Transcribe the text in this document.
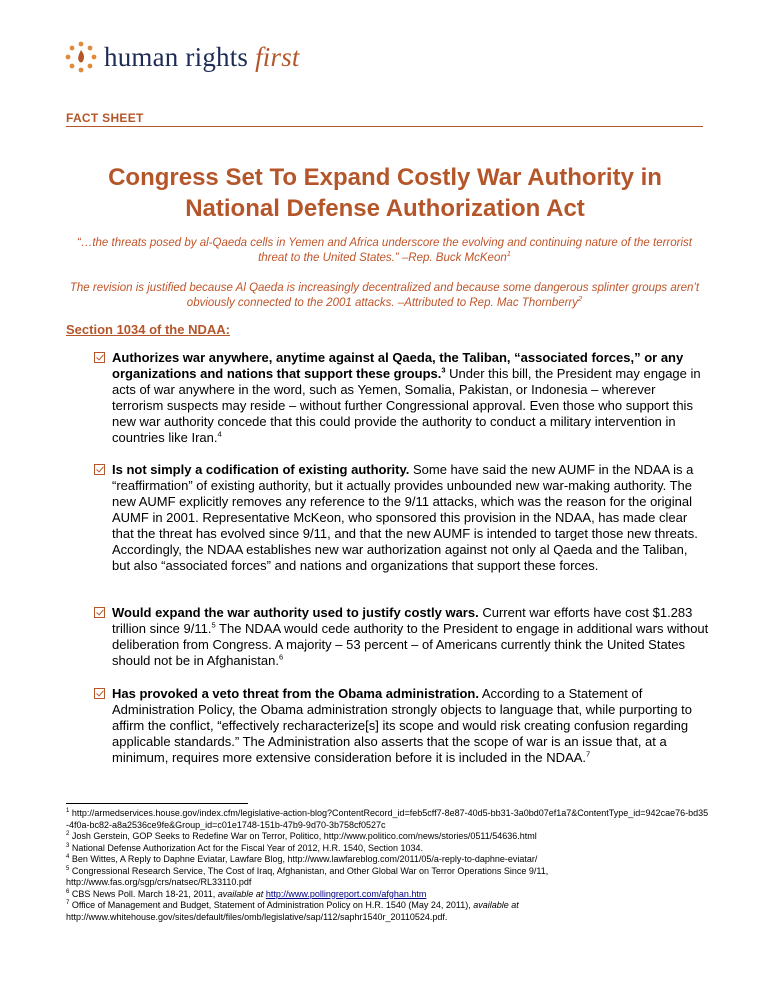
human rights first
FACT SHEET
Congress Set To Expand Costly War Authority in
National Defense Authorization Act

“…the threats posed by al-Qaeda cells in Yemen and Africa underscore the evolving and continuing nature of the terrorist threat to the United States.” –Rep. Buck McKeon$^1$

The revision is justified because Al Qaeda is increasingly decentralized and because some dangerous splinter groups aren’t obviously connected to the 2001 attacks. –Attributed to Rep. Mac Thornberry$^2$

Section 1034 of the NDAA:

Authorizes war anywhere, anytime against al Qaeda, the Taliban, “associated forces,” or any organizations and nations that support these groups.$^3$ Under this bill, the President may engage in acts of war anywhere in the word, such as Yemen, Somalia, Pakistan, or Indonesia – wherever terrorism suspects may reside – without further Congressional approval. Even those who support this new war authority concede that this could provide the authority to conduct a military intervention in countries like Iran.$^4$

Is not simply a codification of existing authority. Some have said the new AUMF in the NDAA is a “reaffirmation” of existing authority, but it actually provides unbounded new war-making authority. The new AUMF explicitly removes any reference to the 9/11 attacks, which was the reason for the original AUMF in 2001. Representative McKeon, who sponsored this provision in the NDAA, has made clear that the threat has evolved since 9/11, and that the new AUMF is intended to target those new threats. Accordingly, the NDAA establishes new war authorization against not only al Qaeda and the Taliban, but also “associated forces” and nations and organizations that support these forces.

Would expand the war authority used to justify costly wars. Current war efforts have cost $1.283 trillion since 9/11.$^5$ The NDAA would cede authority to the President to engage in additional wars without deliberation from Congress. A majority – 53 percent – of Americans currently think the United States should not be in Afghanistan.$^6$

Has provoked a veto threat from the Obama administration. According to a Statement of Administration Policy, the Obama administration strongly objects to language that, while purporting to affirm the conflict, “effectively recharacterize[s] its scope and would risk creating confusion regarding applicable standards.” The Administration also asserts that the scope of war is an issue that, at a minimum, requires more extensive consideration before it is included in the NDAA.$^7$

$^1$ http://armedservices.house.gov/index.cfm/legislative-action-blog?ContentRecord_id=feb5cff7-8e87-40d5-bb31-3a0bd07ef1a7&ContentType_id=942cae76-bd35-4f0a-bc82-a8a2536ce9fe&Group_id=c01e1748-151b-47b9-9d70-3b758cf0527c
$^2$ Josh Gerstein, GOP Seeks to Redefine War on Terror, Politico, http://www.politico.com/news/stories/0511/54636.html
$^3$ National Defense Authorization Act for the Fiscal Year of 2012, H.R. 1540, Section 1034.
$^4$ Ben Wittes, A Reply to Daphne Eviatar, Lawfare Blog, http://www.lawfareblog.com/2011/05/a-reply-to-daphne-eviatar/
$^5$ Congressional Research Service, The Cost of Iraq, Afghanistan, and Other Global War on Terror Operations Since 9/11, http://www.fas.org/sgp/crs/natsec/RL33110.pdf
$^6$ CBS News Poll. March 18-21, 2011, available at http://www.pollingreport.com/afghan.htm
$^7$ Office of Management and Budget, Statement of Administration Policy on H.R. 1540 (May 24, 2011), available at http://www.whitehouse.gov/sites/default/files/omb/legislative/sap/112/saphr1540r_20110524.pdf.
